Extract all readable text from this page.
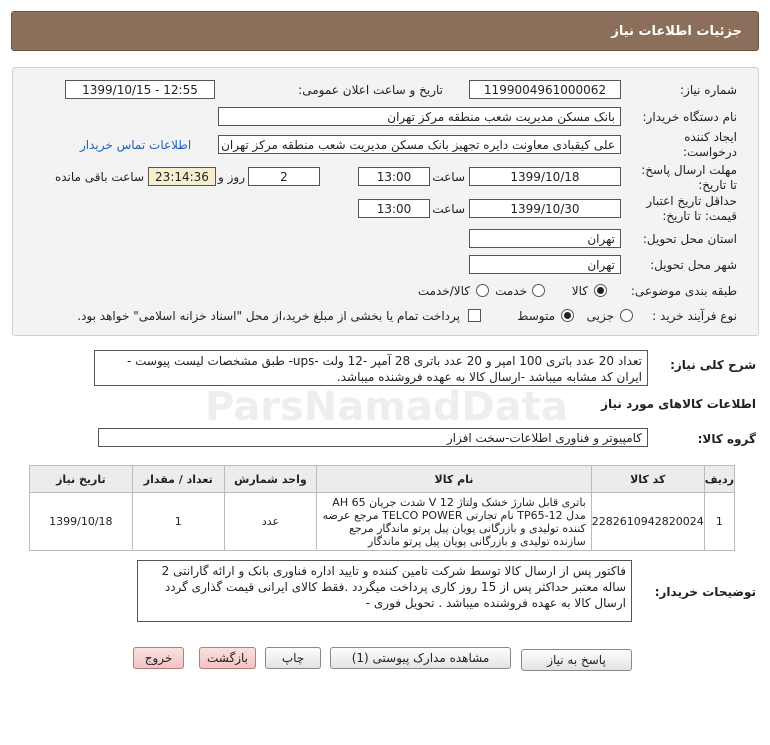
جزئیات اطلاعات نیاز
ParsNamadData
شماره نیاز:
1199004961000062
تاریخ و ساعت اعلان عمومی:
1399/10/15 - 12:55
نام دستگاه خریدار:
بانک مسکن مدیریت شعب منطقه مرکز تهران
ایجاد کننده
درخواست:
علی کیقبادی معاونت دایره تجهیز بانک مسکن مدیریت شعب منطقه مرکز تهران
اطلاعات تماس خریدار
مهلت ارسال پاسخ:
تا تاریخ:
1399/10/18
ساعت
13:00
2
روز و
23:14:36
ساعت باقی مانده
حداقل تاریخ اعتبار
قیمت: تا تاریخ:
1399/10/30
ساعت
13:00
استان محل تحویل:
تهران
شهر محل تحویل:
تهران
طبقه بندی موضوعی:
کالا
خدمت
کالا/خدمت
نوع فرآیند خرید :
جزیی
متوسط
پرداخت تمام یا بخشی از مبلغ خرید،از محل "اسناد خزانه اسلامی" خواهد بود.
شرح کلی نیاز:
تعداد 20 عدد باتری 100 امپر و 20 عدد باتری 28 آمپر -12 ولت -ups- طبق مشخصات لیست پیوست - ایران کد مشابه میباشد -ارسال کالا به عهده فروشنده میباشد.
اطلاعات کالاهای مورد نیاز
گروه کالا:
کامپیوتر و فناوری اطلاعات-سخت افزار
تاریخ نیاز	تعداد / مقدار	واحد شمارش	نام کالا	کد کالا	ردیف
1399/10/18	1	عدد	باتری قابل شارژ خشک ولتاژ 12 V شدت جریان 65 AH مدل TP65-12 نام تجارتی TELCO POWER مرجع عرضه کننده تولیدی و بازرگانی پویان پیل پرتو ماندگار مرجع سازنده تولیدی و بازرگانی پویان پیل پرتو ماندگار	2282610942820024	1
توضیحات خریدار:
فاکتور پس از ارسال کالا توسط شرکت تامین کننده و تایید اداره فناوری بانک و ارائه گارانتی 2 ساله معتبر حداکثر پس از 15 روز کاری پرداخت میگردد .فقط کالای ایرانی قیمت گذاری گردد ارسال کالا به عهده فروشنده میباشد . تحویل فوری -
پاسخ به نیاز
مشاهده مدارک پیوستی (1)
چاپ
بازگشت
خروج
